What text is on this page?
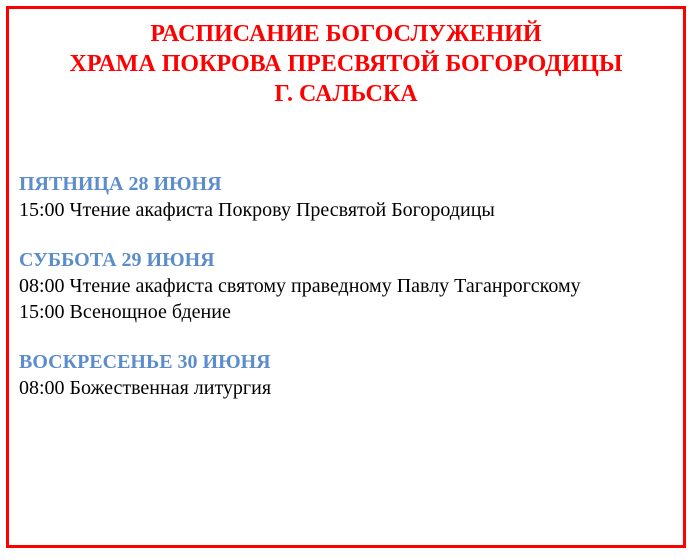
РАСПИСАНИЕ БОГОСЛУЖЕНИЙ
ХРАМА ПОКРОВА ПРЕСВЯТОЙ БОГОРОДИЦЫ
Г. САЛЬСКА
ПЯТНИЦА 28 ИЮНЯ
15:00 Чтение акафиста Покрову Пресвятой Богородицы
СУББОТА 29 ИЮНЯ
08:00 Чтение акафиста святому праведному Павлу Таганрогскому
15:00 Всенощное бдение
ВОСКРЕСЕНЬЕ 30 ИЮНЯ
08:00 Божественная литургия
